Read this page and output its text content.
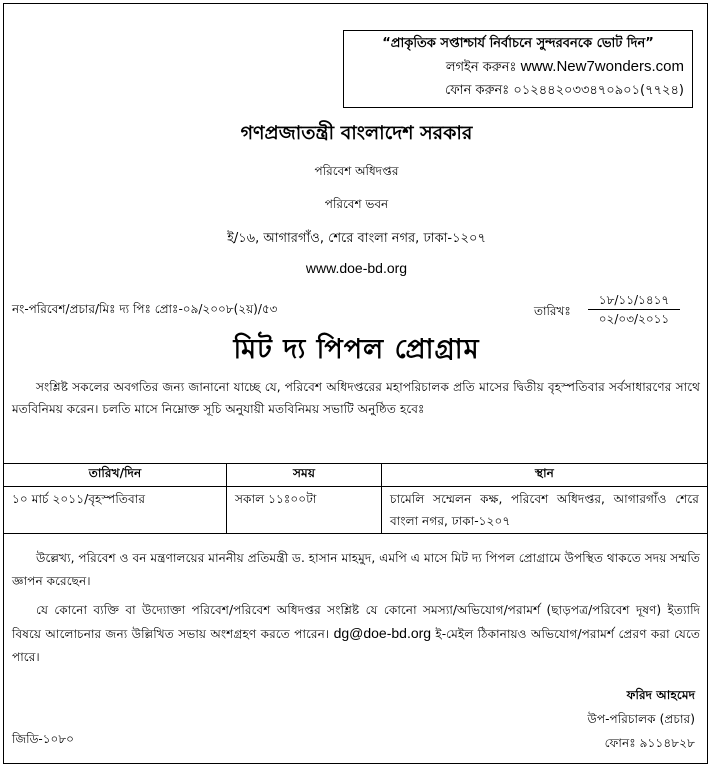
“প্রাকৃতিক সপ্তাশ্চার্য নির্বাচনে সুন্দরবনকে ভোট দিন”
লগইন করুনঃ www.New7wonders.com
ফোন করুনঃ ০১২৪৪২০৩৩৪৭০৯০১(৭৭২৪)
গণপ্রজাতন্ত্রী বাংলাদেশ সরকার
পরিবেশ অধিদপ্তর
পরিবেশ ভবন
ই/১৬, আগারগাঁও, শেরে বাংলা নগর, ঢাকা-১২০৭
www.doe-bd.org
নং-পরিবেশ/প্রচার/মিঃ দ্য পিঃ প্রোঃ-০৯/২০০৮(২য়)/৫৩	তারিখঃ
১৮/১১/১৪১৭
০২/০৩/২০১১
মিট দ্য পিপল প্রোগ্রাম
সংশ্লিষ্ট সকলের অবগতির জন্য জানানো যাচ্ছে যে, পরিবেশ অধিদপ্তরের মহাপরিচালক প্রতি মাসের দ্বিতীয় বৃহস্পতিবার সর্বসাধারণের সাথে মতবিনিময় করেন। চলতি মাসে নিম্নোক্ত সূচি অনুযায়ী মতবিনিময় সভাটি অনুষ্ঠিত হবেঃ
তারিখ/দিন	সময়	স্থান
১০ মার্চ ২০১১/বৃহস্পতিবার	সকাল ১১ঃ০০টা	চামেলি সম্মেলন কক্ষ, পরিবেশ অধিদপ্তর, আগারগাঁও শেরে বাংলা নগর, ঢাকা-১২০৭
উল্লেখ্য, পরিবেশ ও বন মন্ত্রণালয়ের মাননীয় প্রতিমন্ত্রী ড. হাসান মাহমুদ, এমপি এ মাসে মিট দ্য পিপল প্রোগ্রামে উপস্থিত থাকতে সদয় সম্মতি জ্ঞাপন করেছেন।
যে কোনো ব্যক্তি বা উদ্যোক্তা পরিবেশ/পরিবেশ অধিদপ্তর সংশ্লিষ্ট যে কোনো সমস্যা/অভিযোগ/পরামর্শ (ছাড়পত্র/পরিবেশ দূষণ) ইত্যাদি বিষয়ে আলোচনার জন্য উল্লিখিত সভায় অংশগ্রহণ করতে পারেন। dg@doe-bd.org ই-মেইল ঠিকানায়ও অভিযোগ/পরামর্শ প্রেরণ করা যেতে পারে।
ফরিদ আহমেদ
উপ-পরিচালক (প্রচার)
ফোনঃ ৯১১৪৮২৮
জিডি-১০৮০
